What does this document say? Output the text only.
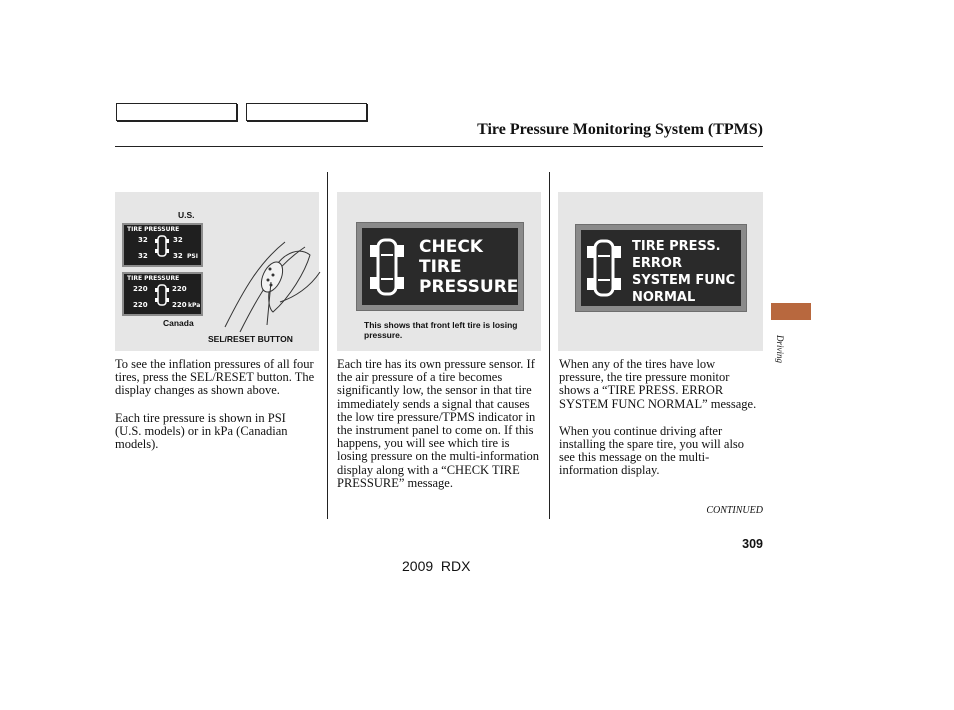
Tire Pressure Monitoring System (TPMS)
U.S.
TIRE PRESSURE
32	32
32	32 PSI
TIRE PRESSURE
220	220
220	220 kPa
Canada
SEL/RESET BUTTON
CHECK
TIRE
PRESSURE
This shows that front left tire is losing pressure.
TIRE PRESS.
ERROR
SYSTEM FUNC
NORMAL

To see the inflation pressures of all four tires, press the SEL/RESET button. The display changes as shown above.

Each tire pressure is shown in PSI (U.S. models) or in kPa (Canadian models).

Each tire has its own pressure sensor. If the air pressure of a tire becomes significantly low, the sensor in that tire immediately sends a signal that causes the low tire pressure/TPMS indicator in the instrument panel to come on. If this happens, you will see which tire is losing pressure on the multi-information display along with a “CHECK TIRE PRESSURE” message.

When any of the tires have low pressure, the tire pressure monitor shows a “TIRE PRESS. ERROR SYSTEM FUNC NORMAL” message.

When you continue driving after installing the spare tire, you will also see this message on the multi-information display.

Driving
CONTINUED
309
2009  RDX
